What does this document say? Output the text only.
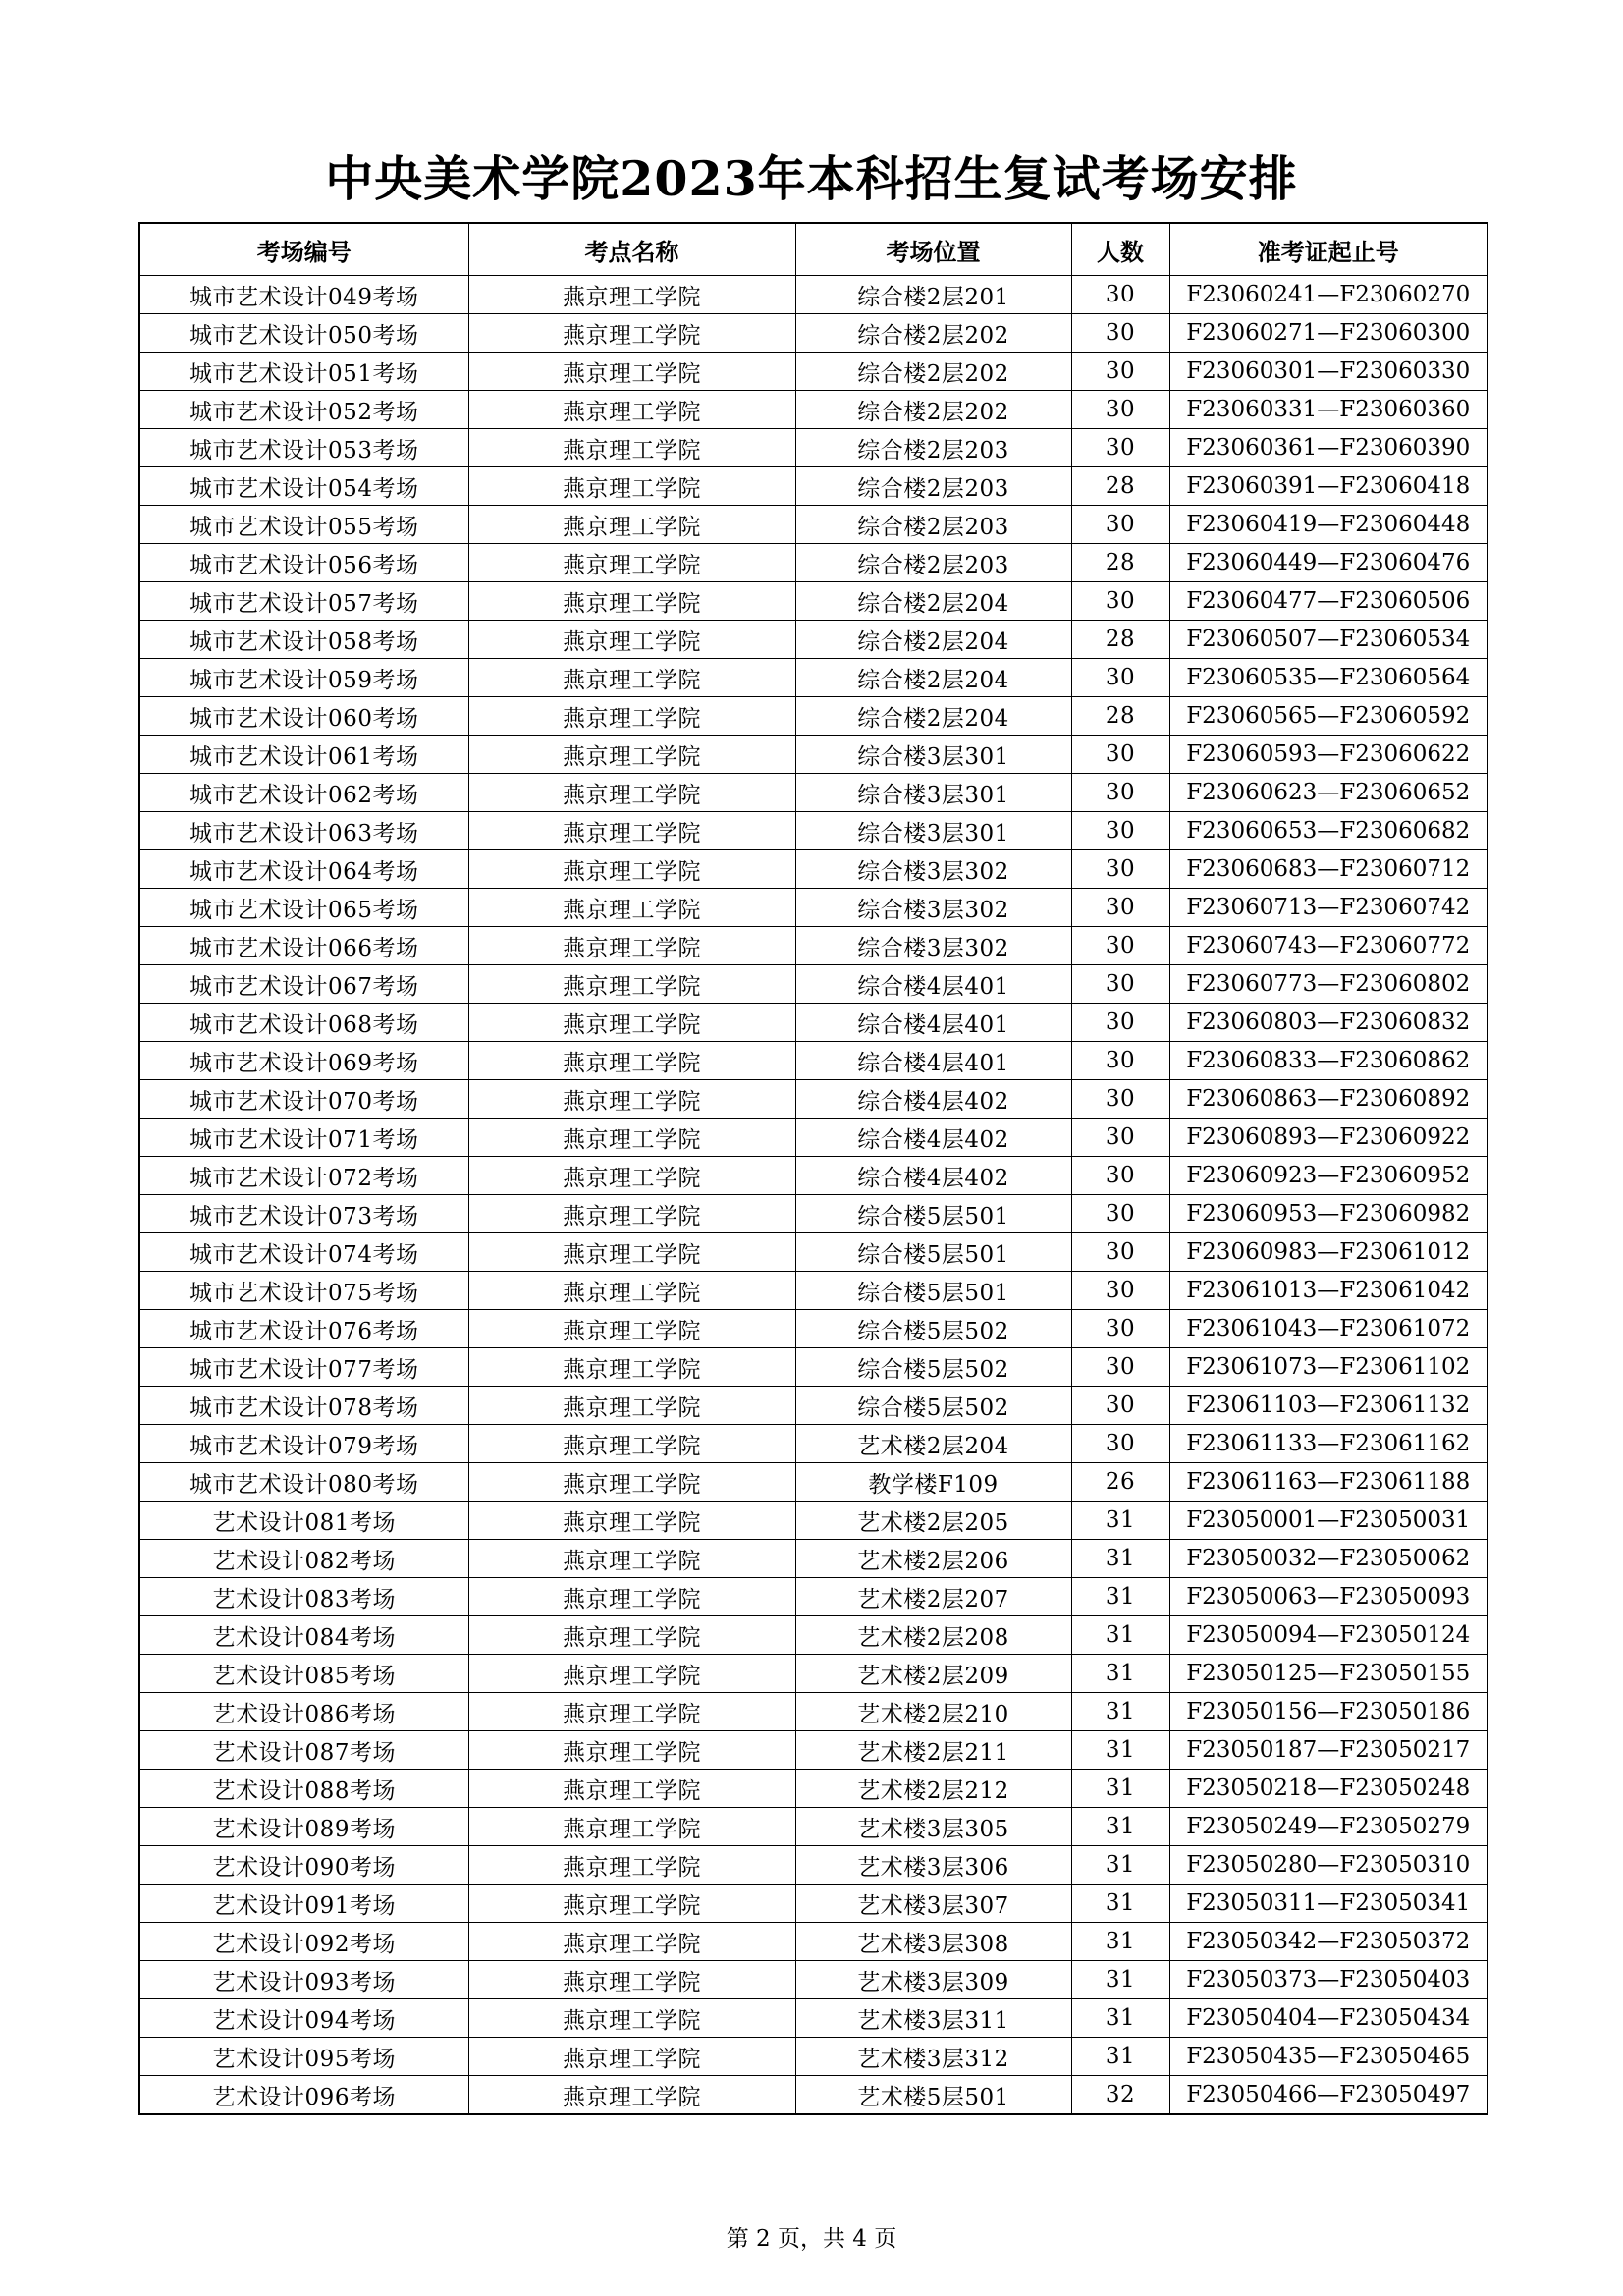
中央美术学院2023年本科招生复试考场安排
考场编号	考点名称	考场位置	人数	准考证起止号
城市艺术设计049考场	燕京理工学院	综合楼2层201	30	F23060241—F23060270
城市艺术设计050考场	燕京理工学院	综合楼2层202	30	F23060271—F23060300
城市艺术设计051考场	燕京理工学院	综合楼2层202	30	F23060301—F23060330
城市艺术设计052考场	燕京理工学院	综合楼2层202	30	F23060331—F23060360
城市艺术设计053考场	燕京理工学院	综合楼2层203	30	F23060361—F23060390
城市艺术设计054考场	燕京理工学院	综合楼2层203	28	F23060391—F23060418
城市艺术设计055考场	燕京理工学院	综合楼2层203	30	F23060419—F23060448
城市艺术设计056考场	燕京理工学院	综合楼2层203	28	F23060449—F23060476
城市艺术设计057考场	燕京理工学院	综合楼2层204	30	F23060477—F23060506
城市艺术设计058考场	燕京理工学院	综合楼2层204	28	F23060507—F23060534
城市艺术设计059考场	燕京理工学院	综合楼2层204	30	F23060535—F23060564
城市艺术设计060考场	燕京理工学院	综合楼2层204	28	F23060565—F23060592
城市艺术设计061考场	燕京理工学院	综合楼3层301	30	F23060593—F23060622
城市艺术设计062考场	燕京理工学院	综合楼3层301	30	F23060623—F23060652
城市艺术设计063考场	燕京理工学院	综合楼3层301	30	F23060653—F23060682
城市艺术设计064考场	燕京理工学院	综合楼3层302	30	F23060683—F23060712
城市艺术设计065考场	燕京理工学院	综合楼3层302	30	F23060713—F23060742
城市艺术设计066考场	燕京理工学院	综合楼3层302	30	F23060743—F23060772
城市艺术设计067考场	燕京理工学院	综合楼4层401	30	F23060773—F23060802
城市艺术设计068考场	燕京理工学院	综合楼4层401	30	F23060803—F23060832
城市艺术设计069考场	燕京理工学院	综合楼4层401	30	F23060833—F23060862
城市艺术设计070考场	燕京理工学院	综合楼4层402	30	F23060863—F23060892
城市艺术设计071考场	燕京理工学院	综合楼4层402	30	F23060893—F23060922
城市艺术设计072考场	燕京理工学院	综合楼4层402	30	F23060923—F23060952
城市艺术设计073考场	燕京理工学院	综合楼5层501	30	F23060953—F23060982
城市艺术设计074考场	燕京理工学院	综合楼5层501	30	F23060983—F23061012
城市艺术设计075考场	燕京理工学院	综合楼5层501	30	F23061013—F23061042
城市艺术设计076考场	燕京理工学院	综合楼5层502	30	F23061043—F23061072
城市艺术设计077考场	燕京理工学院	综合楼5层502	30	F23061073—F23061102
城市艺术设计078考场	燕京理工学院	综合楼5层502	30	F23061103—F23061132
城市艺术设计079考场	燕京理工学院	艺术楼2层204	30	F23061133—F23061162
城市艺术设计080考场	燕京理工学院	教学楼F109	26	F23061163—F23061188
艺术设计081考场	燕京理工学院	艺术楼2层205	31	F23050001—F23050031
艺术设计082考场	燕京理工学院	艺术楼2层206	31	F23050032—F23050062
艺术设计083考场	燕京理工学院	艺术楼2层207	31	F23050063—F23050093
艺术设计084考场	燕京理工学院	艺术楼2层208	31	F23050094—F23050124
艺术设计085考场	燕京理工学院	艺术楼2层209	31	F23050125—F23050155
艺术设计086考场	燕京理工学院	艺术楼2层210	31	F23050156—F23050186
艺术设计087考场	燕京理工学院	艺术楼2层211	31	F23050187—F23050217
艺术设计088考场	燕京理工学院	艺术楼2层212	31	F23050218—F23050248
艺术设计089考场	燕京理工学院	艺术楼3层305	31	F23050249—F23050279
艺术设计090考场	燕京理工学院	艺术楼3层306	31	F23050280—F23050310
艺术设计091考场	燕京理工学院	艺术楼3层307	31	F23050311—F23050341
艺术设计092考场	燕京理工学院	艺术楼3层308	31	F23050342—F23050372
艺术设计093考场	燕京理工学院	艺术楼3层309	31	F23050373—F23050403
艺术设计094考场	燕京理工学院	艺术楼3层311	31	F23050404—F23050434
艺术设计095考场	燕京理工学院	艺术楼3层312	31	F23050435—F23050465
艺术设计096考场	燕京理工学院	艺术楼5层501	32	F23050466—F23050497
第 2 页，共 4 页
